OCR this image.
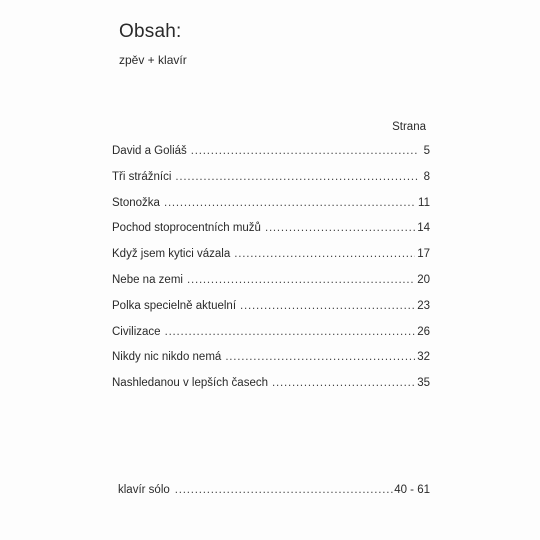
Obsah:
zpěv + klavír
Strana
David a Goliáš . . .	5
Tři strážníci . . .	8
Stonožka . . .	11
Pochod stoprocentních mužů . . .	14
Když jsem kytici vázala . . .	17
Nebe na zemi . . .	20
Polka specielně aktuelní . . .	23
Civilizace . . .	26
Nikdy nic nikdo nemá . . .	32
Nashledanou v lepších časech . . .	35
klavír sólo . . .	40 - 61
